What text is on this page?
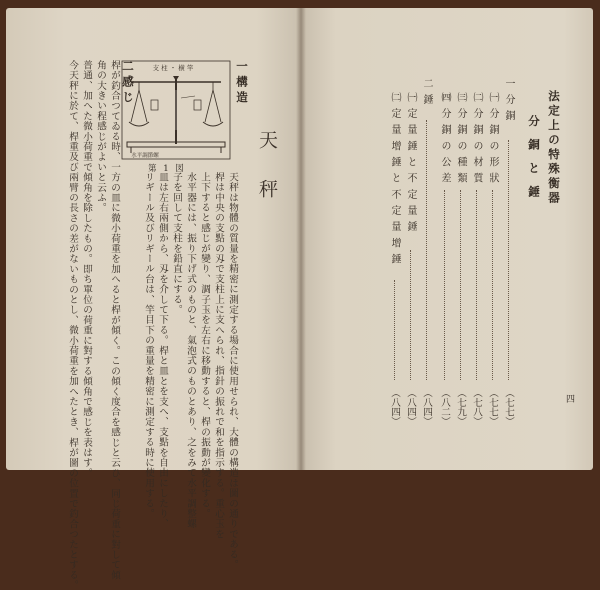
天秤
一構造
天秤は物體の質量を精密に測定する場合に使用せられ、大體の構造は圖の通りである。
桿は中央の支點の刄で支柱上に支へられ、指針の振れで和を指示する。重心玉を
上下すると感じが變り、調子玉を左右に移動すると、桿の振動が變化する。
水平器には、振り下げ式のものと、氣泡式のものとあり、之をみて水平調整螺
子を回して支柱を鉛直にする。
皿は左右兩側から、刄を介して下る。桿と皿とを支へ、支點を自由にしたり、
リギール及びリギール台は、竿目下の重量を精密に測定する時に使用する。
支 柱 ・ 横 竿
水平調節螺
第 1 図
二感じ
桿が釣合つてゐる時、一方の皿に微小荷重を加へると桿が傾く。この傾く度合を感じと云ひ、同じ荷重に對して傾
角の大きい程感じがよいと云ふ。
普通、加へた微小荷重で傾角を除したもの。即ち單位の荷重に對する傾角で感じを表はす。
今天秤に於て、桿重及び兩臂の長さの差がないものとし、微小荷重を加へたとき、桿が圖の位置で釣合つたとする。	法定上の特殊衡器
分銅と錘
一 分 銅
（七七）
㈠ 分 銅 の 形 狀
（七七）
㈡ 分 銅 の 材 質
（七八）
㈢ 分 銅 の 種 類
（七九）
㈣ 分 銅 の 公 差
（八二）
二 錘
（八四）
㈠ 定 量 錘 と 不 定 量 錘
（八四）
㈡ 定 量 增 錘 と 不 定 量 增 錘
（八四）	四
